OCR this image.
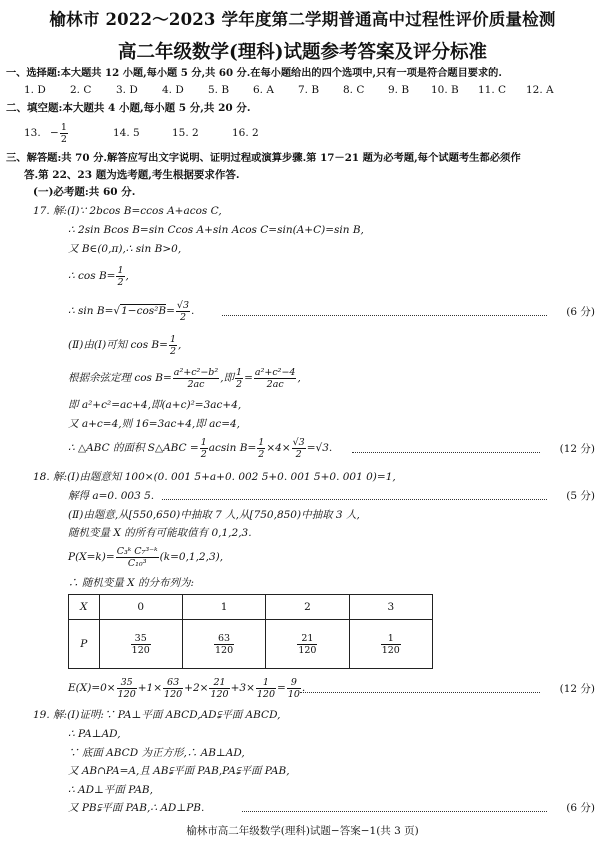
榆林市 2022～2023 学年度第二学期普通高中过程性评价质量检测
高二年级数学(理科)试题参考答案及评分标准
一、选择题:本大题共 12 小题,每小题 5 分,共 60 分.在每小题给出的四个选项中,只有一项是符合题目要求的.
1. D 2. C 3. D 4. D 5. B 6. A 7. B 8. C 9. B 10. B 11. C 12. A
二、填空题:本大题共 4 小题,每小题 5 分,共 20 分.
13. − $\frac{1}{2}$	14. 5	15. 2	16. 2
三、解答题:共 70 分.解答应写出文字说明、证明过程或演算步骤.第 17－21 题为必考题,每个试题考生都必须作
答.第 22、23 题为选考题,考生根据要求作答.
(一)必考题:共 60 分.
17. 解:(Ⅰ)∵ 2bcos B=ccos A+acos C,
∴ 2sin Bcos B=sin Ccos A+sin Acos C=sin(A+C)=sin B,
又 B∈(0,π),∴ sin B>0,
∴ $\cos B= \frac{1}{2}$ ,
∴ $\sin B=√1-\cos^2B= \frac{√3}{2}$ .	(6 分)
(Ⅱ)由(Ⅰ)可知 $\cos B= \frac{1}{2}$ ,
根据余弦定理 $\cos B= \frac{\text{a²+c²−b²}}{2ac}$ ,即 $\frac{1}{2} = \frac{\text{a²+c²−4}}{2ac}$ ,
即 a²+c²=ac+4,即(a+c)²=3ac+4,
又 a+c=4,则 16=3ac+4,即 ac=4,
∴ △ABC 的面积 S△ABC = $\frac{1}{2}$ acsin $B= \frac{1}{2} \times 4\times \frac{√3}{2} =√3$.	(12 分)
18. 解:(Ⅰ)由题意知 100×(0. 001 5+a+0. 002 5+0. 001 5+0. 001 0)=1,
解得 a=0. 003 5.	(5 分)
(Ⅱ)由题意,从[550,650)中抽取 7 人,从[750,850)中抽取 3 人,
随机变量 X 的所有可能取值有 0,1,2,3.
$P(X=k)= \frac{\text{C₃ᵏ C₇³⁻ᵏ}}{\text{C₁₀³}} (k=0,1,2,3)$,
∴ 随机变量 X 的分布列为:
X	0	1	2	3
P	$\frac{35}{120}$	$\frac{63}{120}$	$\frac{21}{120}$	$\frac{1}{120}$
$E(X)=0\times \frac{35}{120} +1\times \frac{63}{120} +2\times \frac{21}{120} +3\times \frac{1}{120} = \frac{9}{10}$ .	(12 分)
19. 解:(Ⅰ)证明:∵ PA⊥平面 ABCD,AD⫋平面 ABCD,
∴ PA⊥AD,
∵ 底面 ABCD 为正方形,∴ AB⊥AD,
又 AB∩PA=A,且 AB⫋平面 PAB,PA⫋平面 PAB,
∴ AD⊥平面 PAB,
又 PB⫋平面 PAB,∴ AD⊥PB.	(6 分)
榆林市高二年级数学(理科)试题−答案−1(共 3 页)
